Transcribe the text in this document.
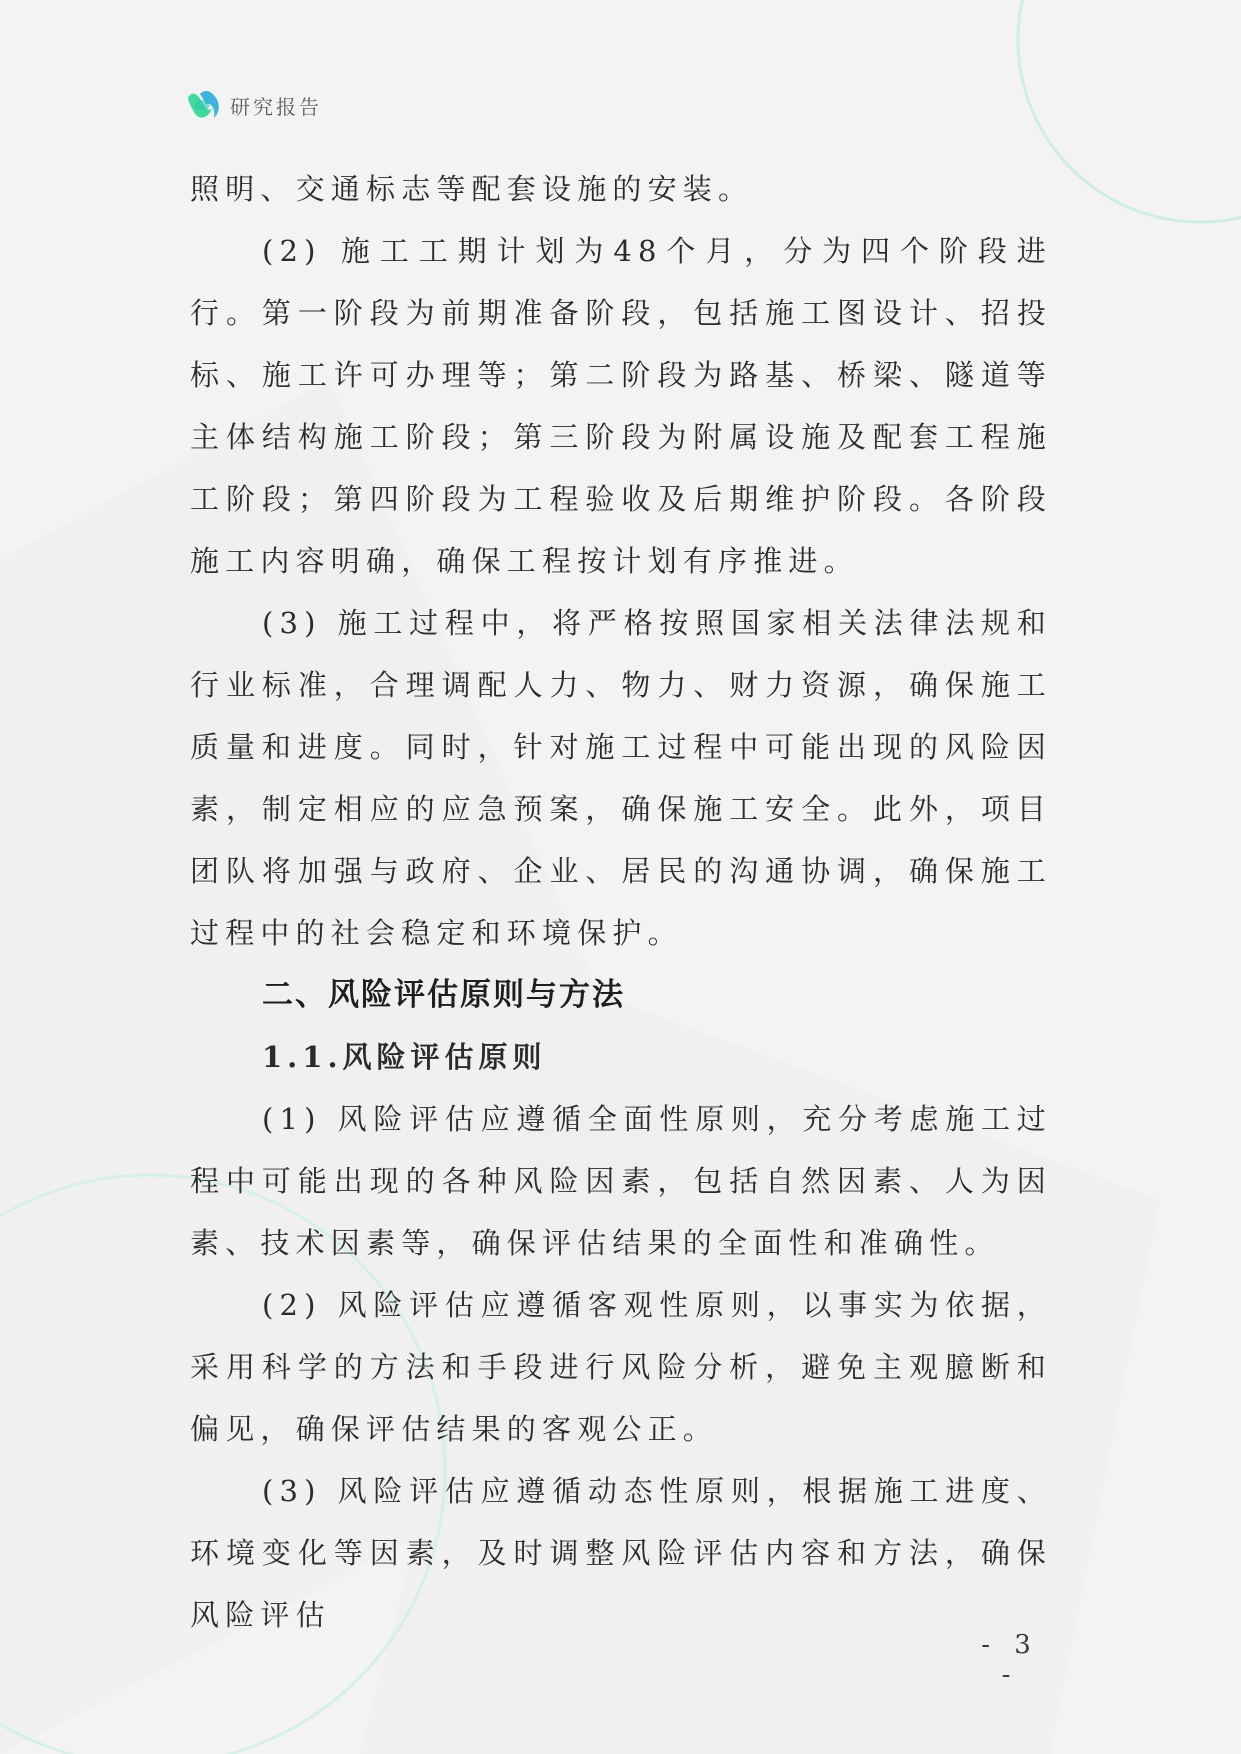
研究报告

照明、交通标志等配套设施的安装。

(2) 施工工期计划为48个月，分为四个阶段进行。第一阶段为前期准备阶段，包括施工图设计、招投标、施工许可办理等；第二阶段为路基、桥梁、隧道等主体结构施工阶段；第三阶段为附属设施及配套工程施工阶段；第四阶段为工程验收及后期维护阶段。各阶段施工内容明确，确保工程按计划有序推进。

(3) 施工过程中，将严格按照国家相关法律法规和行业标准，合理调配人力、物力、财力资源，确保施工质量和进度。同时，针对施工过程中可能出现的风险因素，制定相应的应急预案，确保施工安全。此外，项目团队将加强与政府、企业、居民的沟通协调，确保施工过程中的社会稳定和环境保护。

二、风险评估原则与方法
1.1.风险评估原则

(1) 风险评估应遵循全面性原则，充分考虑施工过程中可能出现的各种风险因素，包括自然因素、人为因素、技术因素等，确保评估结果的全面性和准确性。

(2) 风险评估应遵循客观性原则，以事实为依据，采用科学的方法和手段进行风险分析，避免主观臆断和偏见，确保评估结果的客观公正。

(3) 风险评估应遵循动态性原则，根据施工进度、环境变化等因素，及时调整风险评估内容和方法，确保风险评估

- 3 -
